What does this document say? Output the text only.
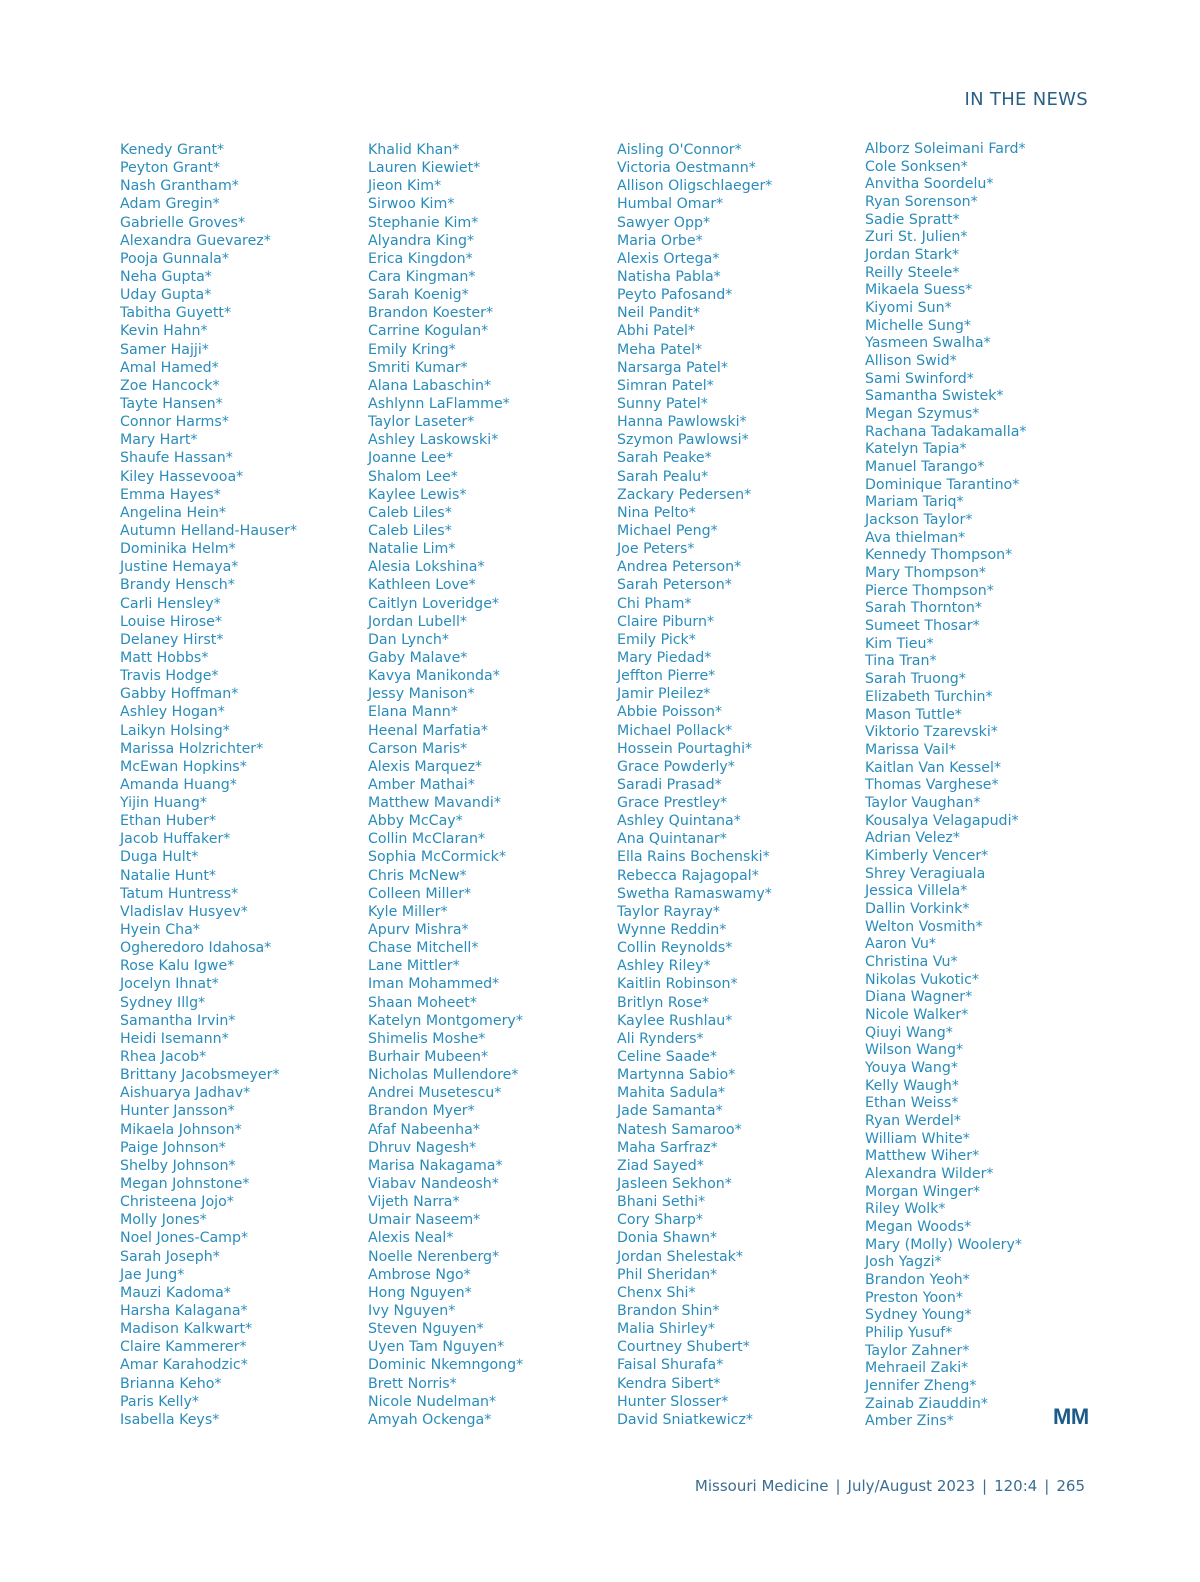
IN THE NEWS
Kenedy Grant*
Peyton Grant*
Nash Grantham*
Adam Gregin*
Gabrielle Groves*
Alexandra Guevarez*
Pooja Gunnala*
Neha Gupta*
Uday Gupta*
Tabitha Guyett*
Kevin Hahn*
Samer Hajji*
Amal Hamed*
Zoe Hancock*
Tayte Hansen*
Connor Harms*
Mary Hart*
Shaufe Hassan*
Kiley Hassevooa*
Emma Hayes*
Angelina Hein*
Autumn Helland-Hauser*
Dominika Helm*
Justine Hemaya*
Brandy Hensch*
Carli Hensley*
Louise Hirose*
Delaney Hirst*
Matt Hobbs*
Travis Hodge*
Gabby Hoffman*
Ashley Hogan*
Laikyn Holsing*
Marissa Holzrichter*
McEwan Hopkins*
Amanda Huang*
Yijin Huang*
Ethan Huber*
Jacob Huffaker*
Duga Hult*
Natalie Hunt*
Tatum Huntress*
Vladislav Husyev*
Hyein Cha*
Ogheredoro Idahosa*
Rose Kalu Igwe*
Jocelyn Ihnat*
Sydney Illg*
Samantha Irvin*
Heidi Isemann*
Rhea Jacob*
Brittany Jacobsmeyer*
Aishuarya Jadhav*
Hunter Jansson*
Mikaela Johnson*
Paige Johnson*
Shelby Johnson*
Megan Johnstone*
Christeena Jojo*
Molly Jones*
Noel Jones-Camp*
Sarah Joseph*
Jae Jung*
Mauzi Kadoma*
Harsha Kalagana*
Madison Kalkwart*
Claire Kammerer*
Amar Karahodzic*
Brianna Keho*
Paris Kelly*
Isabella Keys*
Khalid Khan*
Lauren Kiewiet*
Jieon Kim*
Sirwoo Kim*
Stephanie Kim*
Alyandra King*
Erica Kingdon*
Cara Kingman*
Sarah Koenig*
Brandon Koester*
Carrine Kogulan*
Emily Kring*
Smriti Kumar*
Alana Labaschin*
Ashlynn LaFlamme*
Taylor Laseter*
Ashley Laskowski*
Joanne Lee*
Shalom Lee*
Kaylee Lewis*
Caleb Liles*
Caleb Liles*
Natalie Lim*
Alesia Lokshina*
Kathleen Love*
Caitlyn Loveridge*
Jordan Lubell*
Dan Lynch*
Gaby Malave*
Kavya Manikonda*
Jessy Manison*
Elana Mann*
Heenal Marfatia*
Carson Maris*
Alexis Marquez*
Amber Mathai*
Matthew Mavandi*
Abby McCay*
Collin McClaran*
Sophia McCormick*
Chris McNew*
Colleen Miller*
Kyle Miller*
Apurv Mishra*
Chase Mitchell*
Lane Mittler*
Iman Mohammed*
Shaan Moheet*
Katelyn Montgomery*
Shimelis Moshe*
Burhair Mubeen*
Nicholas Mullendore*
Andrei Musetescu*
Brandon Myer*
Afaf Nabeenha*
Dhruv Nagesh*
Marisa Nakagama*
Viabav Nandeosh*
Vijeth Narra*
Umair Naseem*
Alexis Neal*
Noelle Nerenberg*
Ambrose Ngo*
Hong Nguyen*
Ivy Nguyen*
Steven Nguyen*
Uyen Tam Nguyen*
Dominic Nkemngong*
Brett Norris*
Nicole Nudelman*
Amyah Ockenga*
Aisling O'Connor*
Victoria Oestmann*
Allison Oligschlaeger*
Humbal Omar*
Sawyer Opp*
Maria Orbe*
Alexis Ortega*
Natisha Pabla*
Peyto Pafosand*
Neil Pandit*
Abhi Patel*
Meha Patel*
Narsarga Patel*
Simran Patel*
Sunny Patel*
Hanna Pawlowski*
Szymon Pawlowsi*
Sarah Peake*
Sarah Pealu*
Zackary Pedersen*
Nina Pelto*
Michael Peng*
Joe Peters*
Andrea Peterson*
Sarah Peterson*
Chi Pham*
Claire Piburn*
Emily Pick*
Mary Piedad*
Jeffton Pierre*
Jamir Pleilez*
Abbie Poisson*
Michael Pollack*
Hossein Pourtaghi*
Grace Powderly*
Saradi Prasad*
Grace Prestley*
Ashley Quintana*
Ana Quintanar*
Ella Rains Bochenski*
Rebecca Rajagopal*
Swetha Ramaswamy*
Taylor Rayray*
Wynne Reddin*
Collin Reynolds*
Ashley Riley*
Kaitlin Robinson*
Britlyn Rose*
Kaylee Rushlau*
Ali Rynders*
Celine Saade*
Martynna Sabio*
Mahita Sadula*
Jade Samanta*
Natesh Samaroo*
Maha Sarfraz*
Ziad Sayed*
Jasleen Sekhon*
Bhani Sethi*
Cory Sharp*
Donia Shawn*
Jordan Shelestak*
Phil Sheridan*
Chenx Shi*
Brandon Shin*
Malia Shirley*
Courtney Shubert*
Faisal Shurafa*
Kendra Sibert*
Hunter Slosser*
David Sniatkewicz*
Alborz Soleimani Fard*
Cole Sonksen*
Anvitha Soordelu*
Ryan Sorenson*
Sadie Spratt*
Zuri St. Julien*
Jordan Stark*
Reilly Steele*
Mikaela Suess*
Kiyomi Sun*
Michelle Sung*
Yasmeen Swalha*
Allison Swid*
Sami Swinford*
Samantha Swistek*
Megan Szymus*
Rachana Tadakamalla*
Katelyn Tapia*
Manuel Tarango*
Dominique Tarantino*
Mariam Tariq*
Jackson Taylor*
Ava thielman*
Kennedy Thompson*
Mary Thompson*
Pierce Thompson*
Sarah Thornton*
Sumeet Thosar*
Kim Tieu*
Tina Tran*
Sarah Truong*
Elizabeth Turchin*
Mason Tuttle*
Viktorio Tzarevski*
Marissa Vail*
Kaitlan Van Kessel*
Thomas Varghese*
Taylor Vaughan*
Kousalya Velagapudi*
Adrian Velez*
Kimberly Vencer*
Shrey Veragiuala
Jessica Villela*
Dallin Vorkink*
Welton Vosmith*
Aaron Vu*
Christina Vu*
Nikolas Vukotic*
Diana Wagner*
Nicole Walker*
Qiuyi Wang*
Wilson Wang*
Youya Wang*
Kelly Waugh*
Ethan Weiss*
Ryan Werdel*
William White*
Matthew Wiher*
Alexandra Wilder*
Morgan Winger*
Riley Wolk*
Megan Woods*
Mary (Molly) Woolery*
Josh Yagzi*
Brandon Yeoh*
Preston Yoon*
Sydney Young*
Philip Yusuf*
Taylor Zahner*
Mehraeil Zaki*
Jennifer Zheng*
Zainab Ziauddin*
Amber Zins*	MM
Missouri Medicine | July/August 2023 | 120:4 | 265
